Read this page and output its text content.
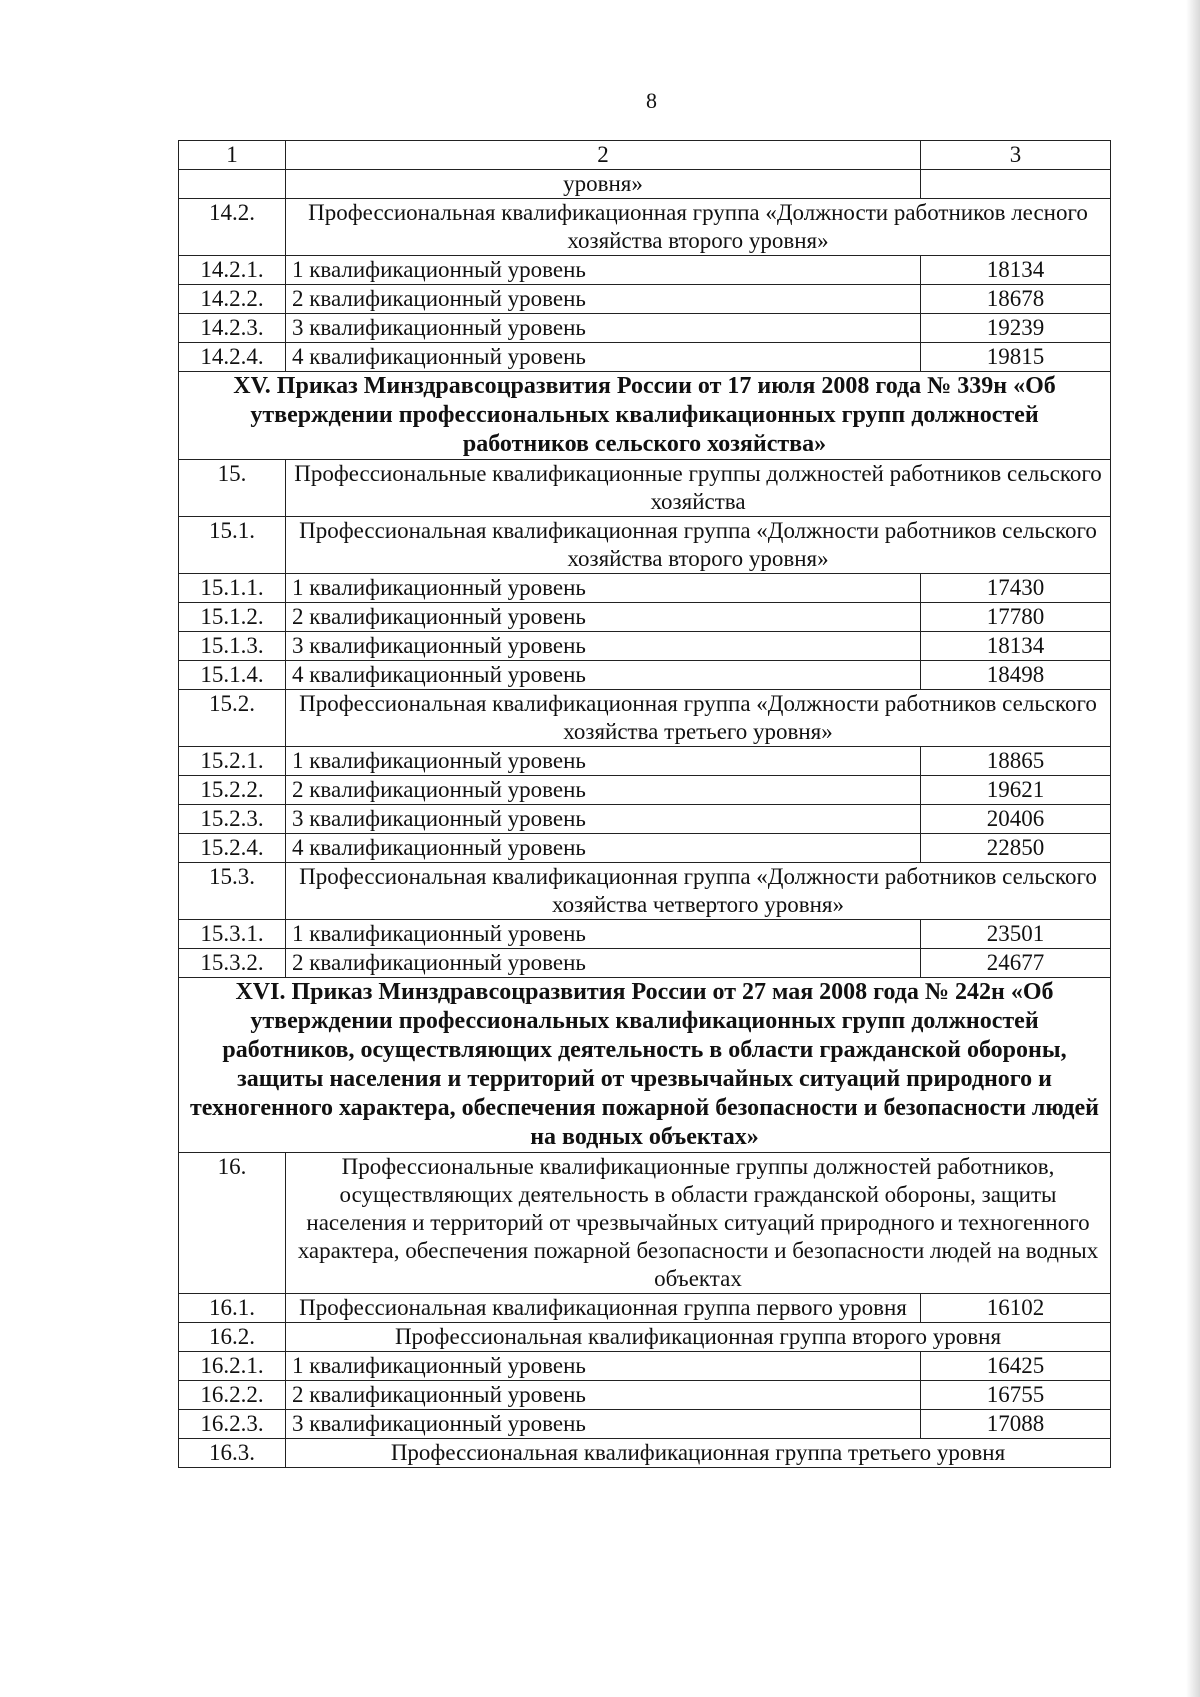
8
1	2	3
	уровня»	
14.2.	Профессиональная квалификационная группа «Должности работников лесного хозяйства второго уровня»	
14.2.1.	1 квалификационный уровень	18134
14.2.2.	2 квалификационный уровень	18678
14.2.3.	3 квалификационный уровень	19239
14.2.4.	4 квалификационный уровень	19815
XV. Приказ Минздравсоцразвития России от 17 июля 2008 года № 339н «Об утверждении профессиональных квалификационных групп должностей работников сельского хозяйства»		
15.	Профессиональные квалификационные группы должностей работников сельского хозяйства	
15.1.	Профессиональная квалификационная группа «Должности работников сельского хозяйства второго уровня»	
15.1.1.	1 квалификационный уровень	17430
15.1.2.	2 квалификационный уровень	17780
15.1.3.	3 квалификационный уровень	18134
15.1.4.	4 квалификационный уровень	18498
15.2.	Профессиональная квалификационная группа «Должности работников сельского хозяйства третьего уровня»	
15.2.1.	1 квалификационный уровень	18865
15.2.2.	2 квалификационный уровень	19621
15.2.3.	3 квалификационный уровень	20406
15.2.4.	4 квалификационный уровень	22850
15.3.	Профессиональная квалификационная группа «Должности работников сельского хозяйства четвертого уровня»	
15.3.1.	1 квалификационный уровень	23501
15.3.2.	2 квалификационный уровень	24677
XVI. Приказ Минздравсоцразвития России от 27 мая 2008 года № 242н «Об утверждении профессиональных квалификационных групп должностей работников, осуществляющих деятельность в области гражданской обороны, защиты населения и территорий от чрезвычайных ситуаций природного и техногенного характера, обеспечения пожарной безопасности и безопасности людей на водных объектах»		
16.	Профессиональные квалификационные группы должностей работников, осуществляющих деятельность в области гражданской обороны, защиты населения и территорий от чрезвычайных ситуаций природного и техногенного характера, обеспечения пожарной безопасности и безопасности людей на водных объектах	
16.1.	Профессиональная квалификационная группа первого уровня	16102
16.2.	Профессиональная квалификационная группа второго уровня	
16.2.1.	1 квалификационный уровень	16425
16.2.2.	2 квалификационный уровень	16755
16.2.3.	3 квалификационный уровень	17088
16.3.	Профессиональная квалификационная группа третьего уровня	
